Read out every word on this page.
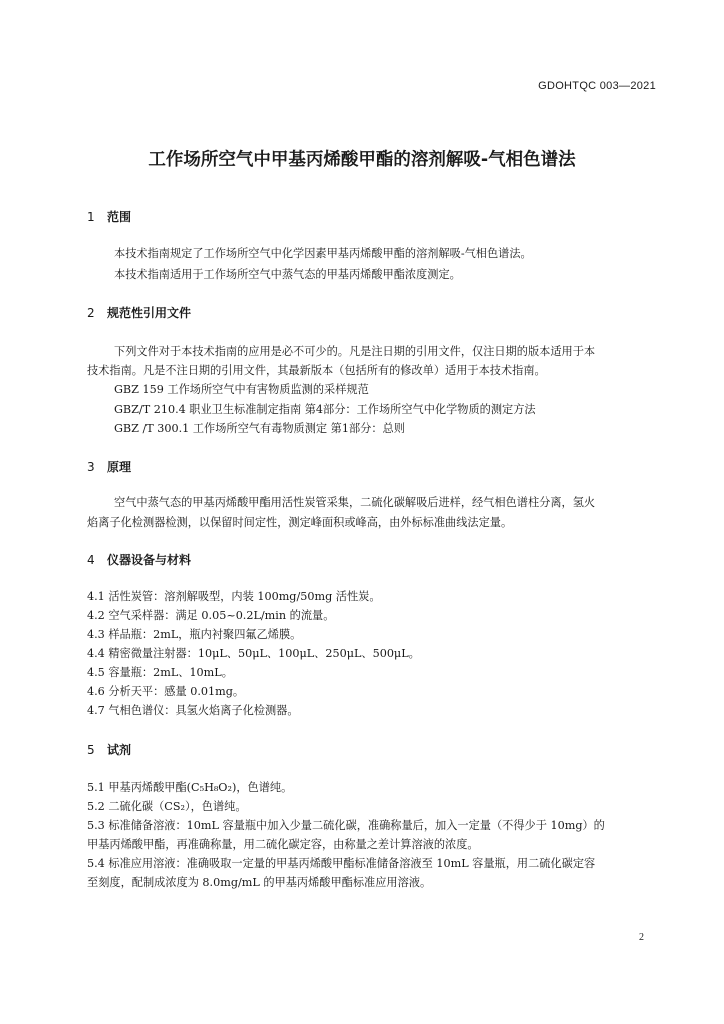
GDOHTQC 003—2021
工作场所空气中甲基丙烯酸甲酯的溶剂解吸-气相色谱法
1 范围
本技术指南规定了工作场所空气中化学因素甲基丙烯酸甲酯的溶剂解吸-气相色谱法。
本技术指南适用于工作场所空气中蒸气态的甲基丙烯酸甲酯浓度测定。
2 规范性引用文件
下列文件对于本技术指南的应用是必不可少的。凡是注日期的引用文件，仅注日期的版本适用于本
技术指南。凡是不注日期的引用文件，其最新版本（包括所有的修改单）适用于本技术指南。
GBZ 159 工作场所空气中有害物质监测的采样规范
GBZ/T 210.4 职业卫生标准制定指南 第4部分：工作场所空气中化学物质的测定方法
GBZ /T 300.1 工作场所空气有毒物质测定 第1部分：总则
3 原理
空气中蒸气态的甲基丙烯酸甲酯用活性炭管采集，二硫化碳解吸后进样，经气相色谱柱分离，氢火
焰离子化检测器检测，以保留时间定性，测定峰面积或峰高，由外标标准曲线法定量。
4 仪器设备与材料
4.1 活性炭管：溶剂解吸型，内装 100mg/50mg 活性炭。
4.2 空气采样器：满足 0.05~0.2L/min 的流量。
4.3 样品瓶：2mL，瓶内衬聚四氟乙烯膜。
4.4 精密微量注射器：10μL、50μL、100μL、250μL、500μL。
4.5 容量瓶：2mL、10mL。
4.6 分析天平：感量 0.01mg。
4.7 气相色谱仪：具氢火焰离子化检测器。
5 试剂
5.1 甲基丙烯酸甲酯(C₅H₈O₂)，色谱纯。
5.2 二硫化碳（CS₂），色谱纯。
5.3 标准储备溶液：10mL 容量瓶中加入少量二硫化碳，准确称量后，加入一定量（不得少于 10mg）的
甲基丙烯酸甲酯，再准确称量，用二硫化碳定容，由称量之差计算溶液的浓度。
5.4 标准应用溶液：准确吸取一定量的甲基丙烯酸甲酯标准储备溶液至 10mL 容量瓶，用二硫化碳定容
至刻度，配制成浓度为 8.0mg/mL 的甲基丙烯酸甲酯标准应用溶液。
2
